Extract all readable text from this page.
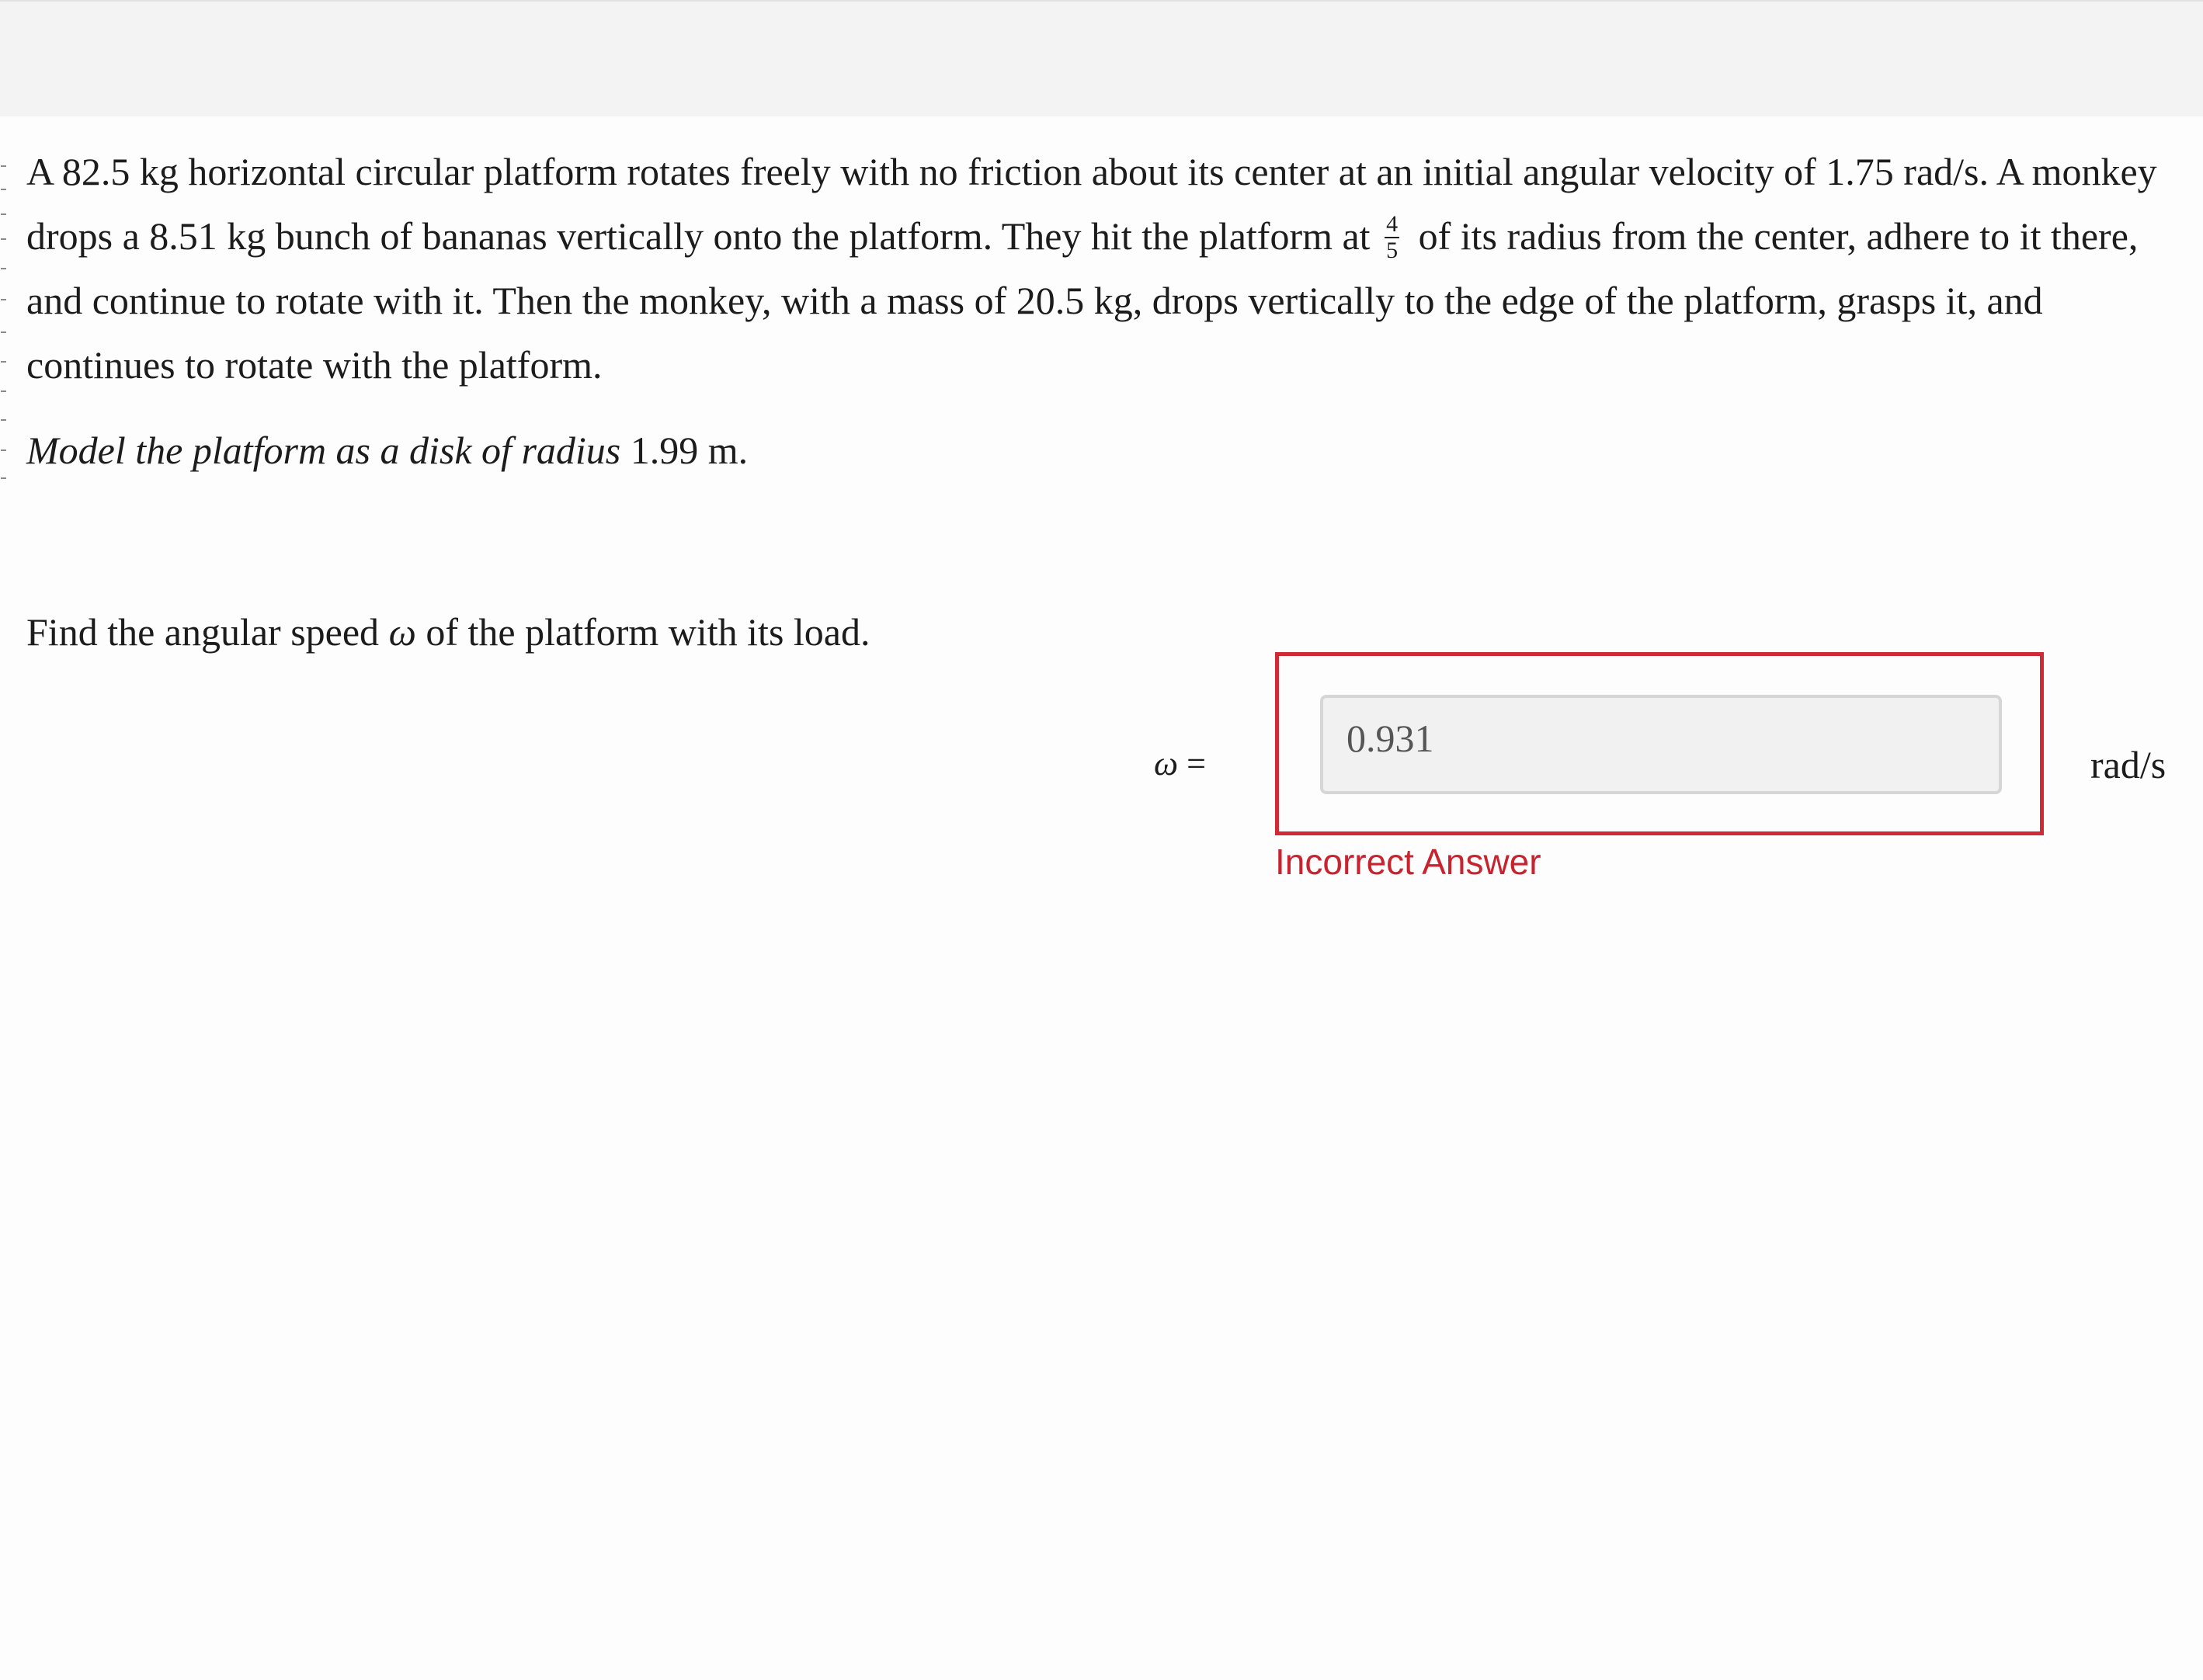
A 82.5 kg horizontal circular platform rotates freely with no friction about its center at an initial angular velocity of 1.75 rad/s. A monkey drops a 8.51 kg bunch of bananas vertically onto the platform. They hit the platform at $\frac{4}{5}$ of its radius from the center, adhere to it there, and continue to rotate with it. Then the monkey, with a mass of 20.5 kg, drops vertically to the edge of the platform, grasps it, and continues to rotate with the platform.

Model the platform as a disk of radius 1.99 m.
Find the angular speed ω of the platform with its load.
ω =
0.931
rad/s
Incorrect Answer
